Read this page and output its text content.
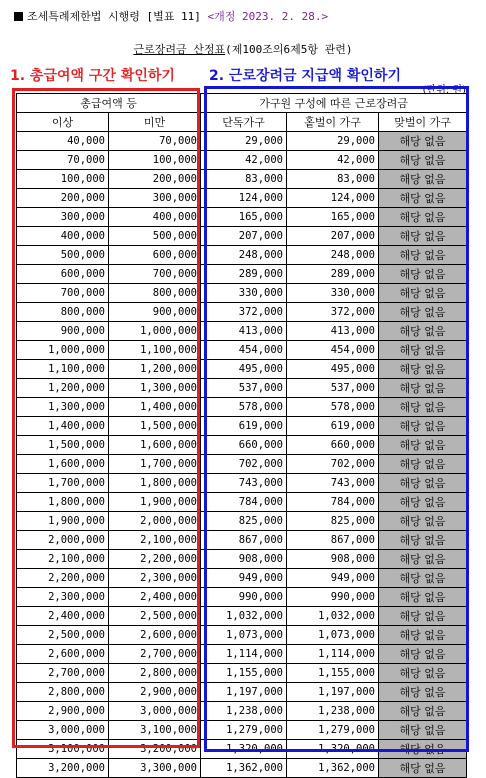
조세특례제한법 시행령 [별표 11] <개정 2023. 2. 28.>
근로장려금 산정표(제100조의6제5항 관련)
1. 총급여액 구간 확인하기 2. 근로장려금 지급액 확인하기
(단위: 원)
총급여액 등		가구원 구성에 따른 근로장려금		
이상	미만	단독가구	홑벌이 가구	맞벌이 가구
40,000	70,000	29,000	29,000	해당 없음
70,000	100,000	42,000	42,000	해당 없음
100,000	200,000	83,000	83,000	해당 없음
200,000	300,000	124,000	124,000	해당 없음
300,000	400,000	165,000	165,000	해당 없음
400,000	500,000	207,000	207,000	해당 없음
500,000	600,000	248,000	248,000	해당 없음
600,000	700,000	289,000	289,000	해당 없음
700,000	800,000	330,000	330,000	해당 없음
800,000	900,000	372,000	372,000	해당 없음
900,000	1,000,000	413,000	413,000	해당 없음
1,000,000	1,100,000	454,000	454,000	해당 없음
1,100,000	1,200,000	495,000	495,000	해당 없음
1,200,000	1,300,000	537,000	537,000	해당 없음
1,300,000	1,400,000	578,000	578,000	해당 없음
1,400,000	1,500,000	619,000	619,000	해당 없음
1,500,000	1,600,000	660,000	660,000	해당 없음
1,600,000	1,700,000	702,000	702,000	해당 없음
1,700,000	1,800,000	743,000	743,000	해당 없음
1,800,000	1,900,000	784,000	784,000	해당 없음
1,900,000	2,000,000	825,000	825,000	해당 없음
2,000,000	2,100,000	867,000	867,000	해당 없음
2,100,000	2,200,000	908,000	908,000	해당 없음
2,200,000	2,300,000	949,000	949,000	해당 없음
2,300,000	2,400,000	990,000	990,000	해당 없음
2,400,000	2,500,000	1,032,000	1,032,000	해당 없음
2,500,000	2,600,000	1,073,000	1,073,000	해당 없음
2,600,000	2,700,000	1,114,000	1,114,000	해당 없음
2,700,000	2,800,000	1,155,000	1,155,000	해당 없음
2,800,000	2,900,000	1,197,000	1,197,000	해당 없음
2,900,000	3,000,000	1,238,000	1,238,000	해당 없음
3,000,000	3,100,000	1,279,000	1,279,000	해당 없음
3,100,000	3,200,000	1,320,000	1,320,000	해당 없음
3,200,000	3,300,000	1,362,000	1,362,000	해당 없음
